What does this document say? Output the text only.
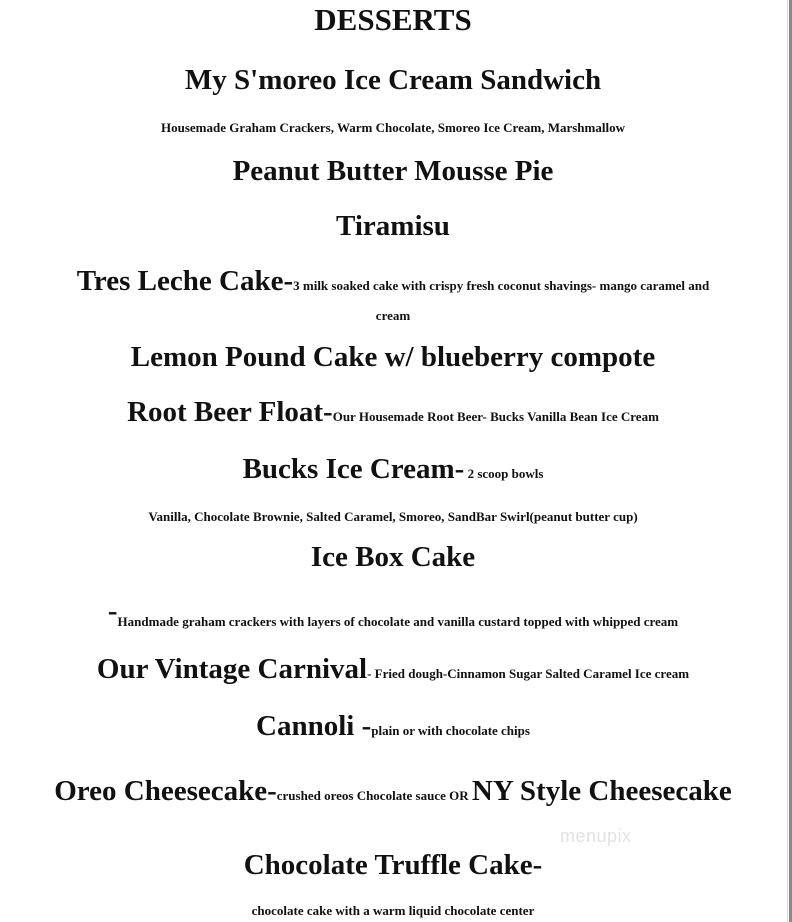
DESSERTS
My S'moreo Ice Cream Sandwich
Housemade Graham Crackers, Warm Chocolate, Smoreo Ice Cream, Marshmallow
Peanut Butter Mousse Pie
Tiramisu
Tres Leche Cake-3 milk soaked cake with crispy fresh coconut shavings- mango caramel and
cream
Lemon Pound Cake w/ blueberry compote
Root Beer Float-Our Housemade Root Beer- Bucks Vanilla Bean Ice Cream
Bucks Ice Cream- 2 scoop bowls
Vanilla, Chocolate Brownie, Salted Caramel, Smoreo, SandBar Swirl(peanut butter cup)
Ice Box Cake
-Handmade graham crackers with layers of chocolate and vanilla custard topped with whipped cream
Our Vintage Carnival- Fried dough-Cinnamon Sugar Salted Caramel Ice cream
Cannoli -plain or with chocolate chips
Oreo Cheesecake-crushed oreos Chocolate sauce OR NY Style Cheesecake
menupix
Chocolate Truffle Cake-
chocolate cake with a warm liquid chocolate center
